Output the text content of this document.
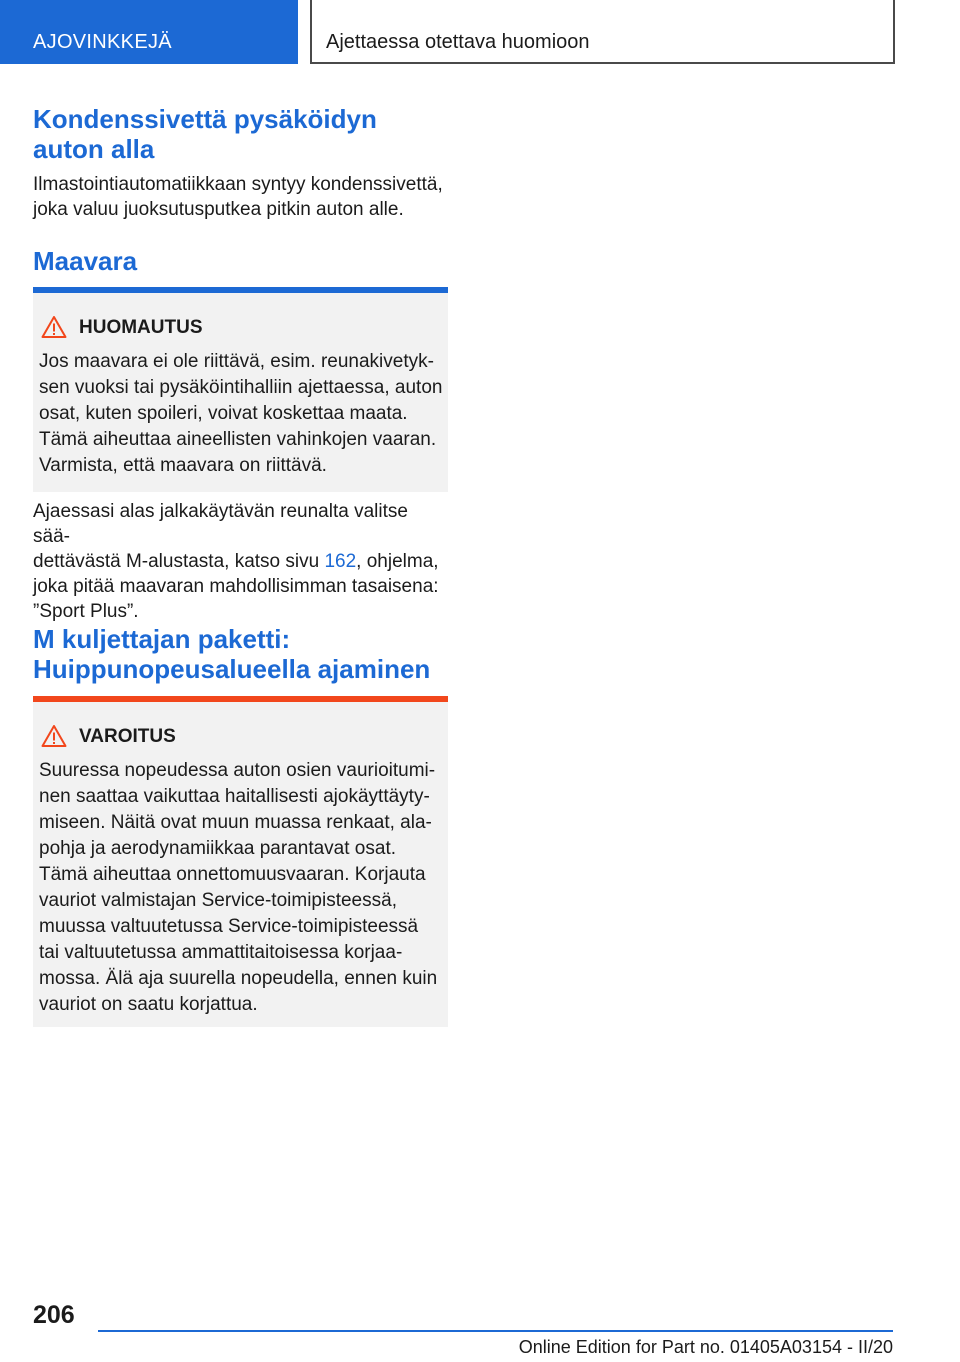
AJOVINKKEJÄ	Ajettaessa otettava huomioon
Kondenssivettä pysäköidyn
auton alla

Ilmastointiautomatiikkaan syntyy kondenssivettä,
joka valuu juoksutusputkea pitkin auton alle.

Maavara
HUOMAUTUS
Jos maavara ei ole riittävä, esim. reunakivetyk-
sen vuoksi tai pysäköintihalliin ajettaessa, auton
osat, kuten spoileri, voivat koskettaa maata.
Tämä aiheuttaa aineellisten vahinkojen vaaran.
Varmista, että maavara on riittävä.

Ajaessasi alas jalkakäytävän reunalta valitse sää-
dettävästä M-alustasta, katso sivu 162, ohjelma,
joka pitää maavaran mahdollisimman tasaisena:
”Sport Plus”.

M kuljettajan paketti:
Huippunopeusalueella ajaminen
VAROITUS
Suuressa nopeudessa auton osien vaurioitumi-
nen saattaa vaikuttaa haitallisesti ajokäyttäyty-
miseen. Näitä ovat muun muassa renkaat, ala-
pohja ja aerodynamiikkaa parantavat osat.
Tämä aiheuttaa onnettomuusvaaran. Korjauta
vauriot valmistajan Service-toimipisteessä,
muussa valtuutetussa Service-toimipisteessä
tai valtuutetussa ammattitaitoisessa korjaa-
mossa. Älä aja suurella nopeudella, ennen kuin
vauriot on saatu korjattua.
206
Online Edition for Part no. 01405A03154 - II/20
